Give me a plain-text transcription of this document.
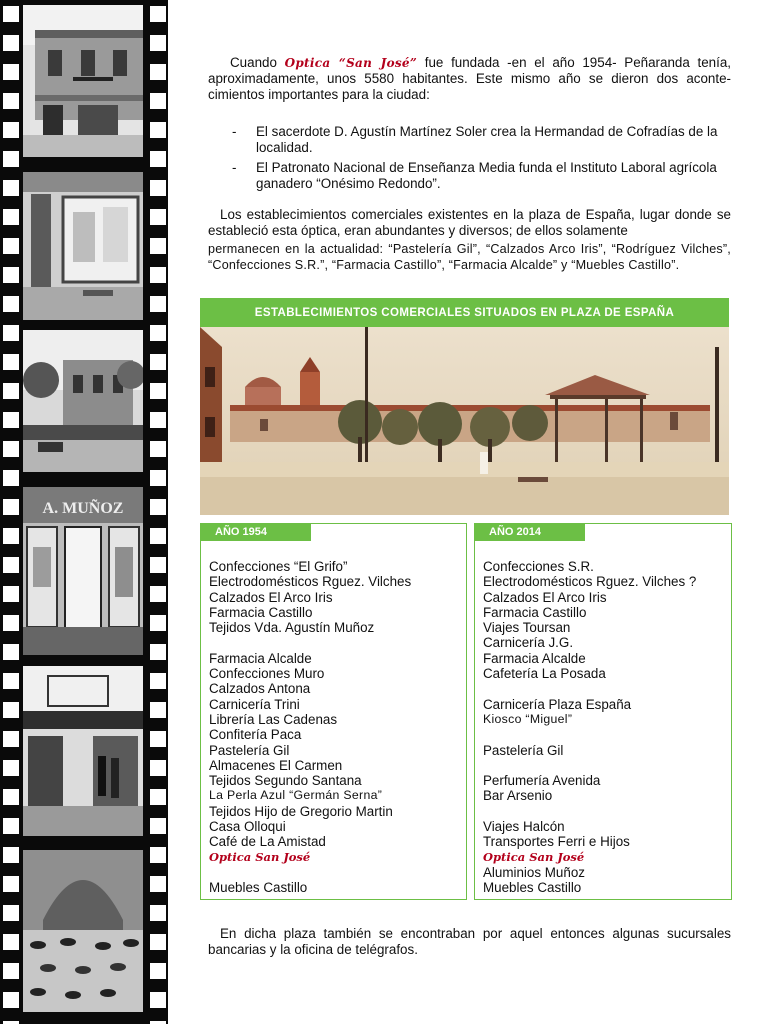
A. MUÑOZ

Cuando Optica “San José” fue fundada -en el año 1954- Peñaranda tenía, aproximadamente, unos 5580 habitantes. Este mismo año se dieron dos aconte-cimientos importantes para la ciudad:

- El sacerdote D. Agustín Martínez Soler crea la Hermandad de Cofradías de la localidad.
- El Patronato Nacional de Enseñanza Media funda el Instituto Laboral agrícola ganadero “Onésimo Redondo”.

Los establecimientos comerciales existentes en la plaza de España, lugar donde se estableció esta óptica, eran abundantes y diversos; de ellos solamente

permanecen en la actualidad: “Pastelería Gil”, “Calzados Arco Iris”, “Rodríguez Vilches”, “Confecciones S.R.”, “Farmacia Castillo”, “Farmacia Alcalde” y “Muebles Castillo”.

ESTABLECIMIENTOS COMERCIALES SITUADOS EN PLAZA DE ESPAÑA
AÑO 1954
Confecciones “El Grifo”
Electrodomésticos Rguez. Vilches
Calzados El Arco Iris
Farmacia Castillo
Tejidos Vda. Agustín Muñoz
Farmacia Alcalde
Confecciones Muro
Calzados Antona
Carnicería Trini
Librería Las Cadenas
Confitería Paca
Pastelería Gil
Almacenes El Carmen
Tejidos Segundo Santana
La Perla Azul “Germán Serna”
Tejidos Hijo de Gregorio Martin
Casa Olloqui
Café de La Amistad
Optica San José
Muebles Castillo
AÑO 2014
Confecciones S.R.
Electrodomésticos Rguez. Vilches ?
Calzados El Arco Iris
Farmacia Castillo
Viajes Toursan
Carnicería J.G.
Farmacia Alcalde
Cafetería La Posada
Carnicería Plaza España
Kiosco “Miguel”
Pastelería Gil
Perfumería Avenida
Bar Arsenio
Viajes Halcón
Transportes Ferri e Hijos
Optica San José
Aluminios Muñoz
Muebles Castillo

En dicha plaza también se encontraban por aquel entonces algunas sucursales bancarias y la oficina de telégrafos.
